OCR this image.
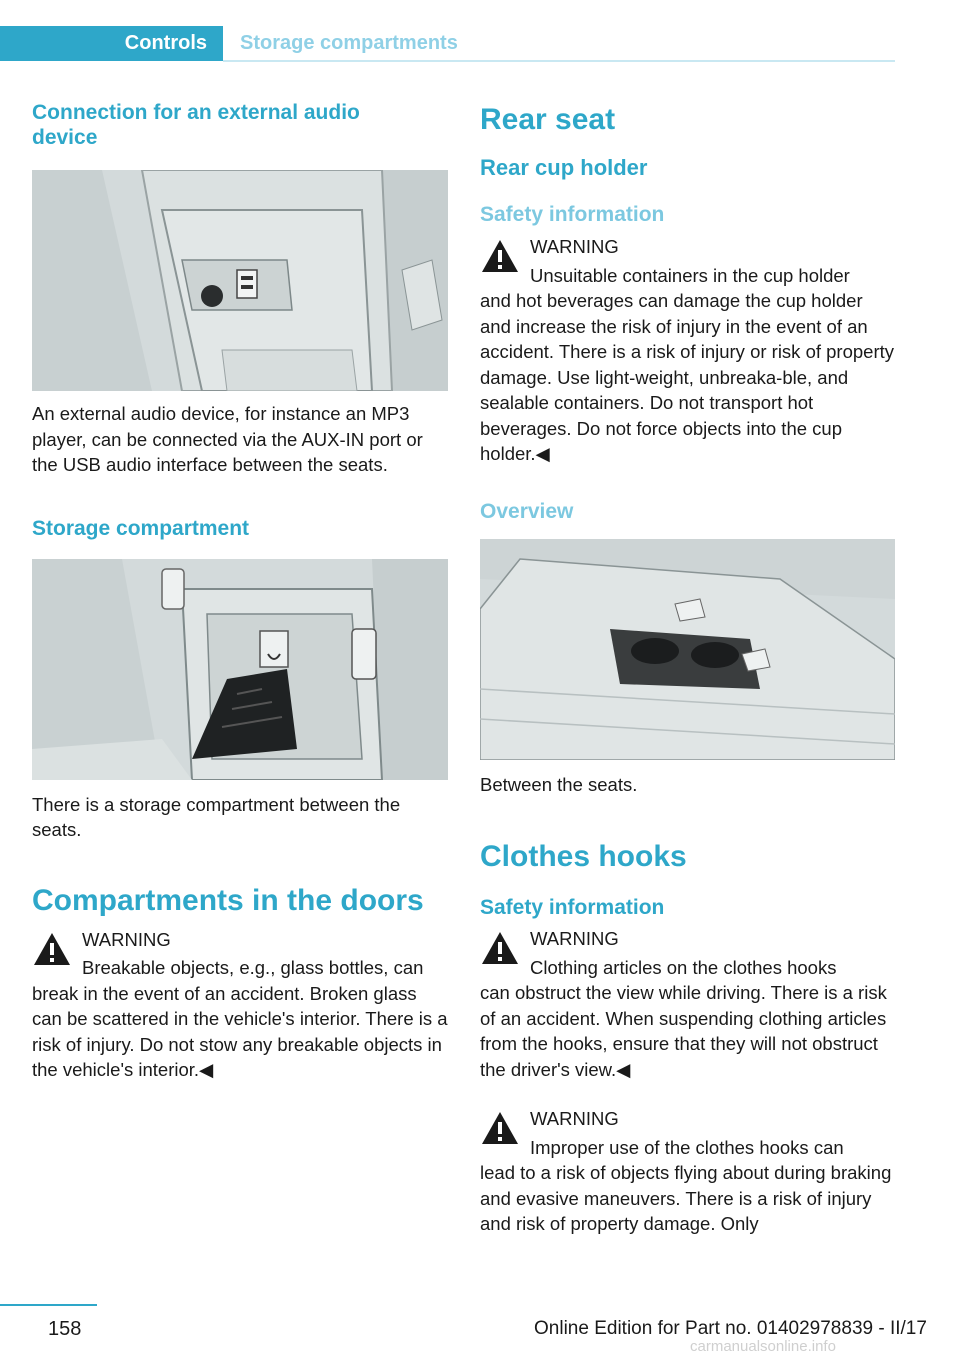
Controls	Storage compartments
Connection for an external audio device

An external audio device, for instance an MP3 player, can be connected via the AUX-IN port or the USB audio interface between the seats.

Storage compartment

There is a storage compartment between the seats.

Compartments in the doors
WARNING
Breakable objects, e.g., glass bottles, can
break in the event of an accident. Broken glass can be scattered in the vehicle's interior. There is a risk of injury. Do not stow any breakable objects in the vehicle's interior.◀
Rear seat
Rear cup holder
Safety information
WARNING
Unsuitable containers in the cup holder
and hot beverages can damage the cup holder and increase the risk of injury in the event of an accident. There is a risk of injury or risk of property damage. Use light-weight, unbreaka-ble, and sealable containers. Do not transport hot beverages. Do not force objects into the cup holder.◀
Overview

Between the seats.

Clothes hooks
Safety information
WARNING
Clothing articles on the clothes hooks
can obstruct the view while driving. There is a risk of an accident. When suspending clothing articles from the hooks, ensure that they will not obstruct the driver's view.◀
WARNING
Improper use of the clothes hooks can
lead to a risk of objects flying about during braking and evasive maneuvers. There is a risk of injury and risk of property damage. Only
158	Online Edition for Part no. 01402978839 - II/17
carmanualsonline.info
